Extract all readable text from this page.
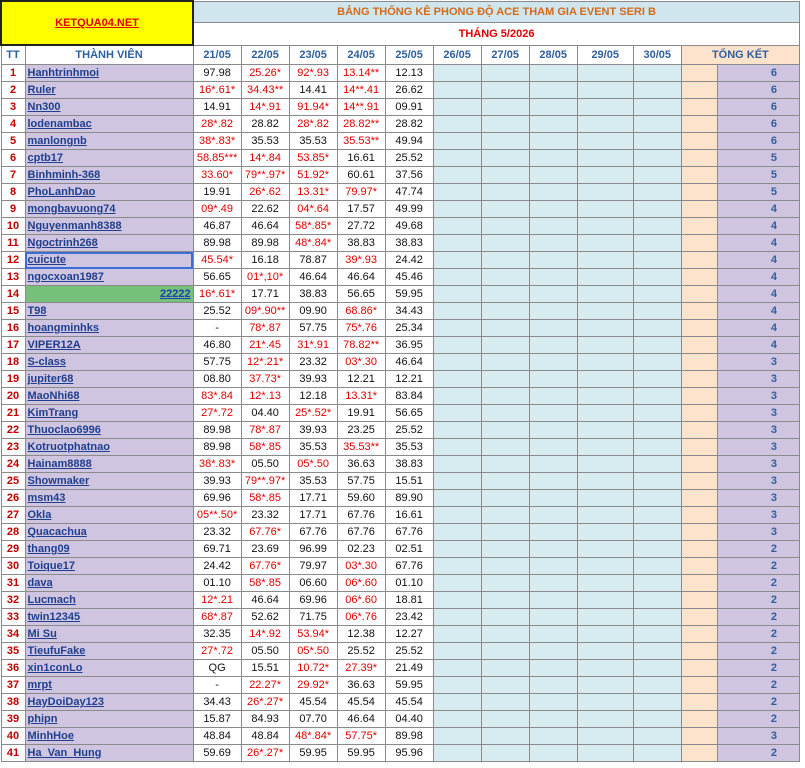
KETQUA04.NET		BẢNG THỐNG KÊ PHONG ĐỘ ACE THAM GIA EVENT SERI B											
		THÁNG 5/2026											
TT	THÀNH VIÊN	21/05	22/05	23/05	24/05	25/05	26/05	27/05	28/05	29/05	30/05	TỔNG KẾT	
1	Hanhtrinhmoi	97.98	25.26*	92*.93	13.14**	12.13							6
2	Ruler	16*.61*	34.43**	14.41	14**.41	26.62							6
3	Nn300	14.91	14*.91	91.94*	14**.91	09.91							6
4	lodenambac	28*.82	28.82	28*.82	28.82**	28.82							6
5	manlongnb	38*.83*	35.53	35.53	35.53**	49.94							6
6	cptb17	58.85***	14*.84	53.85*	16.61	25.52							5
7	Binhminh-368	33.60*	79**.97*	51.92*	60.61	37.56							5
8	PhoLanhDao	19.91	26*.62	13.31*	79.97*	47.74							5
9	mongbavuong74	09*.49	22.62	04*.64	17.57	49.99							4
10	Nguyenmanh8388	46.87	46.64	58*.85*	27.72	49.68							4
11	Ngoctrinh268	89.98	89.98	48*.84*	38.83	38.83							4
12	cuicute	45.54*	16.18	78.87	39*.93	24.42							4
13	ngocxoan1987	56.65	01*,10*	46.64	46.64	45.46							4
14	22222	16*.61*	17.71	38.83	56.65	59.95							4
15	T98	25.52	09*.90**	09.90	68.86*	34.43							4
16	hoangminhks	-	78*.87	57.75	75*.76	25.34							4
17	VIPER12A	46.80	21*.45	31*.91	78.82**	36.95							4
18	S-class	57.75	12*.21*	23.32	03*.30	46.64							3
19	jupiter68	08.80	37.73*	39.93	12.21	12.21							3
20	MaoNhi68	83*.84	12*.13	12.18	13.31*	83.84							3
21	KimTrang	27*.72	04.40	25*.52*	19.91	56.65							3
22	Thuoclao6996	89.98	78*.87	39.93	23.25	25.52							3
23	Kotruotphatnao	89.98	58*.85	35.53	35.53**	35.53							3
24	Hainam8888	38*.83*	05.50	05*.50	36.63	38.83							3
25	Showmaker	39.93	79**.97*	35.53	57.75	15.51							3
26	msm43	69.96	58*.85	17.71	59.60	89.90							3
27	Okla	05**.50*	23.32	17.71	67.76	16.61							3
28	Quacachua	23.32	67.76*	67.76	67.76	67.76							3
29	thang09	69.71	23.69	96.99	02.23	02.51							2
30	Toique17	24.42	67.76*	79.97	03*.30	67.76							2
31	dava	01.10	58*.85	06.60	06*.60	01.10							2
32	Lucmach	12*.21	46.64	69.96	06*.60	18.81							2
33	twin12345	68*.87	52.62	71.75	06*.76	23.42							2
34	Mi Su	32.35	14*.92	53.94*	12.38	12.27							2
35	TieufuFake	27*.72	05.50	05*.50	25.52	25.52							2
36	xin1conLo	QG	15.51	10.72*	27.39*	21.49							2
37	mrpt	-	22.27*	29.92*	36.63	59.95							2
38	HayDoiDay123	34.43	26*.27*	45.54	45.54	45.54							2
39	phipn	15.87	84.93	07.70	46.64	04.40							2
40	MinhHoe	48.84	48.84	48*.84*	57.75*	89.98							3
41	Ha_Van_Hung	59.69	26*.27*	59.95	59.95	95.96							2
